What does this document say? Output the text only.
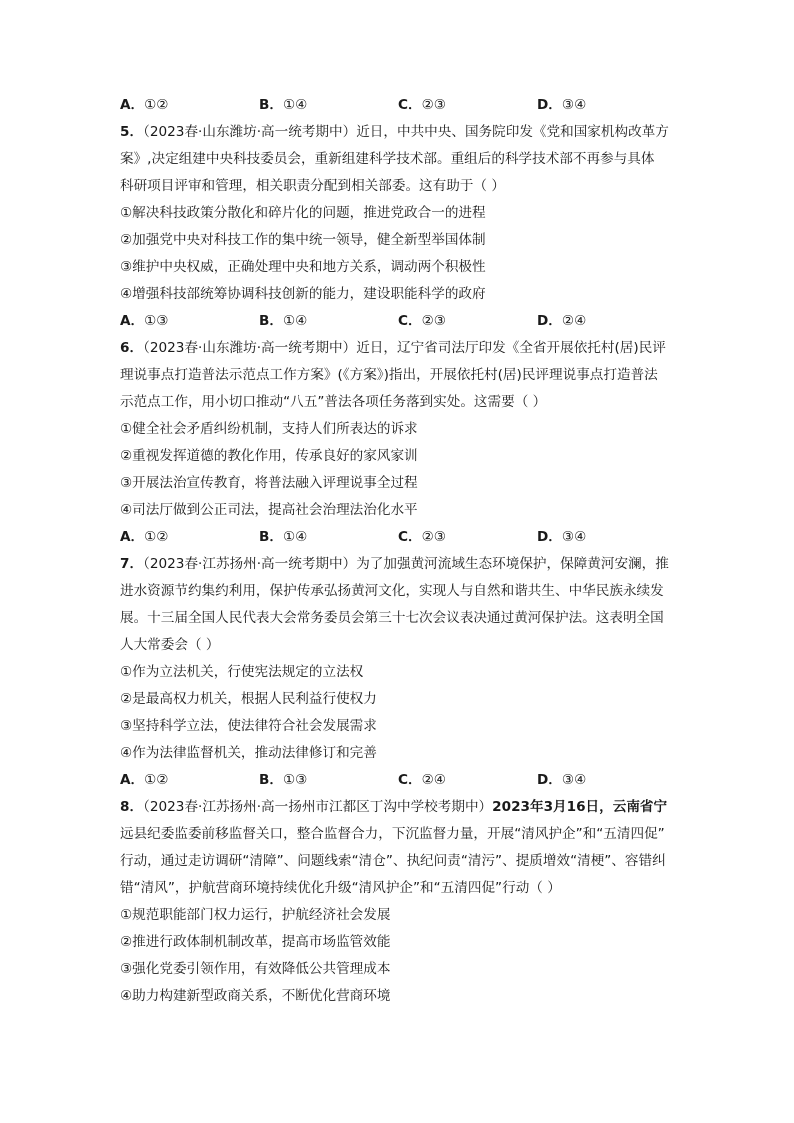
A．①②	B．①④	C．②③	D．③④
5．（2023春·山东潍坊·高一统考期中）近日，中共中央、国务院印发《党和国家机构改革方
案》,决定组建中央科技委员会，重新组建科学技术部。重组后的科学技术部不再参与具体
科研项目评审和管理，相关职责分配到相关部委。这有助于（ ）
①解决科技政策分散化和碎片化的问题，推进党政合一的进程
②加强党中央对科技工作的集中统一领导，健全新型举国体制
③维护中央权威，正确处理中央和地方关系，调动两个积极性
④增强科技部统筹协调科技创新的能力，建设职能科学的政府
A．①③	B．①④	C．②③	D．②④
6．（2023春·山东潍坊·高一统考期中）近日，辽宁省司法厅印发《全省开展依托村(居)民评
理说事点打造普法示范点工作方案》(《方案》)指出，开展依托村(居)民评理说事点打造普法
示范点工作，用小切口推动“八五”普法各项任务落到实处。这需要（ ）
①健全社会矛盾纠纷机制，支持人们所表达的诉求
②重视发挥道德的教化作用，传承良好的家风家训
③开展法治宣传教育，将普法融入评理说事全过程
④司法厅做到公正司法，提高社会治理法治化水平
A．①②	B．①④	C．②③	D．③④
7．（2023春·江苏扬州·高一统考期中）为了加强黄河流域生态环境保护，保障黄河安澜，推
进水资源节约集约利用，保护传承弘扬黄河文化，实现人与自然和谐共生、中华民族永续发
展。十三届全国人民代表大会常务委员会第三十七次会议表决通过黄河保护法。这表明全国
人大常委会（ ）
①作为立法机关，行使宪法规定的立法权
②是最高权力机关，根据人民利益行使权力
③坚持科学立法，使法律符合社会发展需求
④作为法律监督机关，推动法律修订和完善
A．①②	B．①③	C．②④	D．③④
8．（2023春·江苏扬州·高一扬州市江都区丁沟中学校考期中）2023年3月16日，云南省宁
远县纪委监委前移监督关口，整合监督合力，下沉监督力量，开展“清风护企”和“五清四促”
行动，通过走访调研“清障”、问题线索“清仓”、执纪问责“清污”、提质增效“清梗”、容错纠
错“清风”，护航营商环境持续优化升级“清风护企”和“五清四促”行动（ ）
①规范职能部门权力运行，护航经济社会发展
②推进行政体制机制改革，提高市场监管效能
③强化党委引领作用，有效降低公共管理成本
④助力构建新型政商关系，不断优化营商环境
